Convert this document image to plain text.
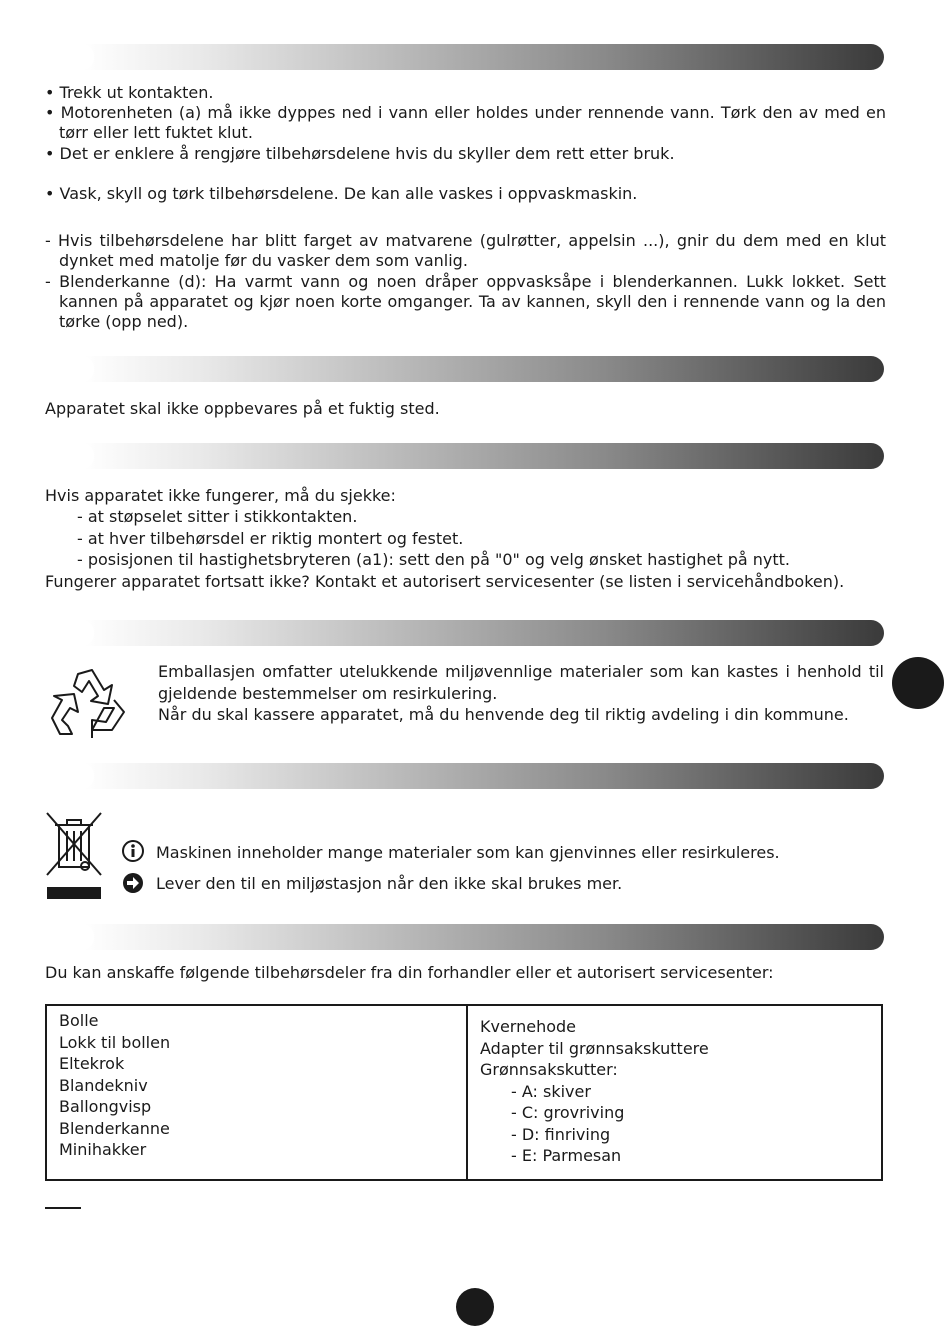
• Trekk ut kontakten.
• Motorenheten (a) må ikke dyppes ned i vann eller holdes under rennende vann. Tørk den av med en
tørr eller lett fuktet klut.
• Det er enklere å rengjøre tilbehørsdelene hvis du skyller dem rett etter bruk.
• Vask, skyll og tørk tilbehørsdelene. De kan alle vaskes i oppvaskmaskin.
- Hvis tilbehørsdelene har blitt farget av matvarene (gulrøtter, appelsin ...), gnir du dem med en klut
dynket med matolje før du vasker dem som vanlig.
- Blenderkanne (d): Ha varmt vann og noen dråper oppvasksåpe i blenderkannen. Lukk lokket. Sett
kannen på apparatet og kjør noen korte omganger. Ta av kannen, skyll den i rennende vann og la den
tørke (opp ned).
Apparatet skal ikke oppbevares på et fuktig sted.
Hvis apparatet ikke fungerer, må du sjekke:
- at støpselet sitter i stikkontakten.
- at hver tilbehørsdel er riktig montert og festet.
- posisjonen til hastighetsbryteren (a1): sett den på "0" og velg ønsket hastighet på nytt.
Fungerer apparatet fortsatt ikke? Kontakt et autorisert servicesenter (se listen i servicehåndboken).
Emballasjen omfatter utelukkende miljøvennlige materialer som kan kastes i henhold til
gjeldende bestemmelser om resirkulering.
Når du skal kassere apparatet, må du henvende deg til riktig avdeling i din kommune.
Maskinen inneholder mange materialer som kan gjenvinnes eller resirkuleres.
Lever den til en miljøstasjon når den ikke skal brukes mer.
Du kan anskaffe følgende tilbehørsdeler fra din forhandler eller et autorisert servicesenter:
Bolle
Lokk til bollen
Eltekrok
Blandekniv
Ballongvisp
Blenderkanne
Minihakker

Kvernehode
Adapter til grønnsakskuttere
Grønnsakskutter:
- A: skiver
- C: grovriving
- D: finriving
- E: Parmesan
